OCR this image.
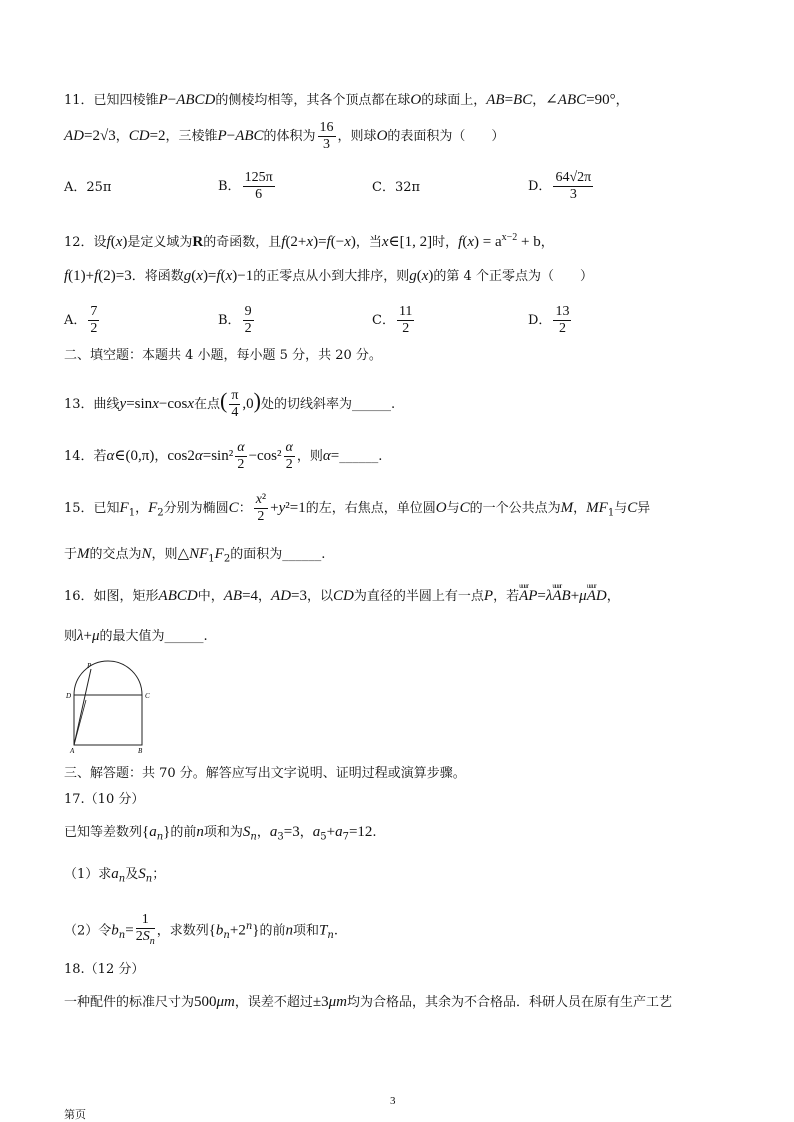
11．已知四棱锥P−ABCD的侧棱均相等，其各个顶点都在球O的球面上，AB=BC，∠ABC=90°，
AD=2√3，CD=2，三棱锥P−ABC的体积为 $\frac{16}{3}$ ，则球O的表面积为（　　）
A．25π	B． $\frac{125\pi}{6}$	C．32π	D． $\frac{64√2\pi}{3}$
12．设f(x)是定义域为R的奇函数，且f(2+x)=f(−x)，当x∈[1, 2]时，$f(x) = a^{x-2} + b$，
f(1)+f(2)=3．将函数g(x)=f(x)−1的正零点从小到大排序，则g(x)的第 4 个正零点为（　　）
A． $\frac{7}{2}$	B． $\frac{9}{2}$	C． $\frac{11}{2}$	D． $\frac{13}{2}$
二、填空题：本题共 4 小题，每小题 5 分，共 20 分。
13．曲线y=sinx−cosx在点( $\frac{\pi}{4} ,0$)处的切线斜率为______.
14．若α∈(0,π)，$\cos 2\alpha=\sin^2 \frac{\alpha}{2} -\cos^2 \frac{\alpha}{2}$ ，则α=______.
15．已知$F_1$，$F_2$分别为椭圆C： $\frac{\text{x²}}{2} +y^2=1$的左，右焦点，单位圆O与C的一个公共点为M，$MF_1$与C异
于M的交点为N，则$\triangle NF_1F_2$的面积为______.
16．如图，矩形ABCD中，AB=4，AD=3，以CD为直径的半圆上有一点P，若uuur AP=λuuur AB+μuuur AD，
则λ+μ的最大值为______.
P
D	C
A	B
三、解答题：共 70 分。解答应写出文字说明、证明过程或演算步骤。
17.（10 分）
已知等差数列$\{a_n\}$的前n项和为$S_n$，$a_3=3$，$a_5+a_7=12$.
（1）求$a_n$及$S_n$；
（2）令$b_n= \frac{1}{2S_n}$ ，求数列$\{b_n+2^n\}$的前n项和$T_n$.
18.（12 分）
一种配件的标准尺寸为500μm，误差不超过±3μm均为合格品，其余为不合格品．科研人员在原有生产工艺
3
第页
